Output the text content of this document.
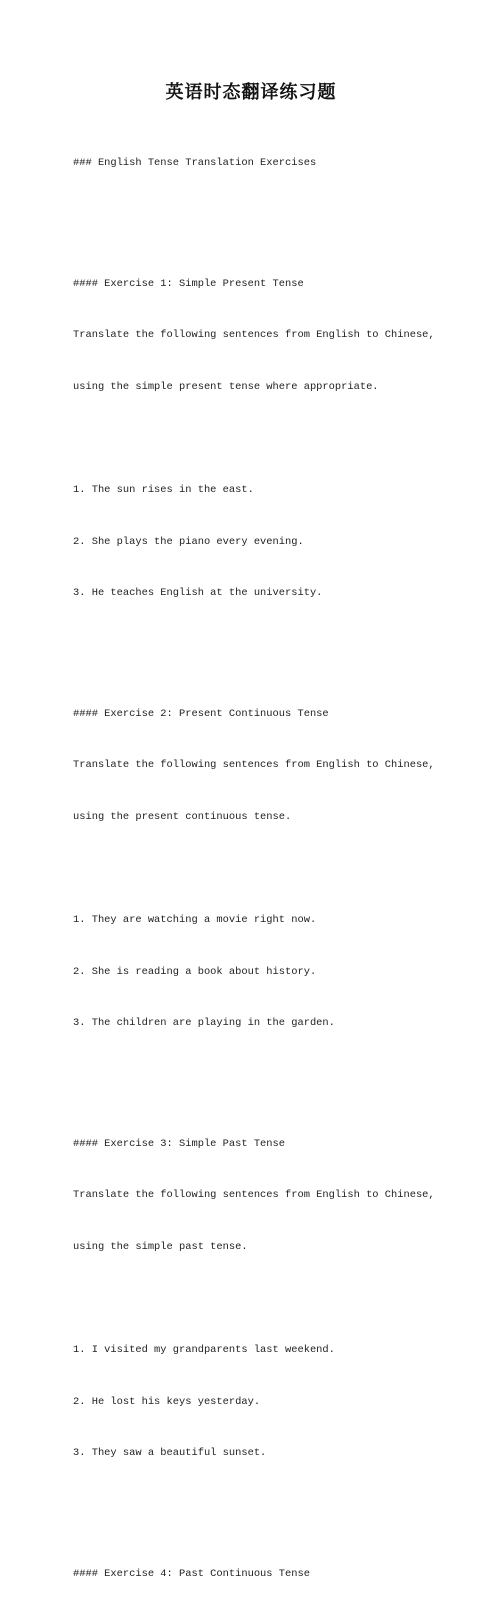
英语时态翻译练习题

### English Tense Translation Exercises

#### Exercise 1: Simple Present Tense

Translate the following sentences from English to Chinese,

using the simple present tense where appropriate.

1. The sun rises in the east.

2. She plays the piano every evening.

3. He teaches English at the university.

#### Exercise 2: Present Continuous Tense

Translate the following sentences from English to Chinese,

using the present continuous tense.

1. They are watching a movie right now.

2. She is reading a book about history.

3. The children are playing in the garden.

#### Exercise 3: Simple Past Tense

Translate the following sentences from English to Chinese,

using the simple past tense.

1. I visited my grandparents last weekend.

2. He lost his keys yesterday.

3. They saw a beautiful sunset.

#### Exercise 4: Past Continuous Tense
